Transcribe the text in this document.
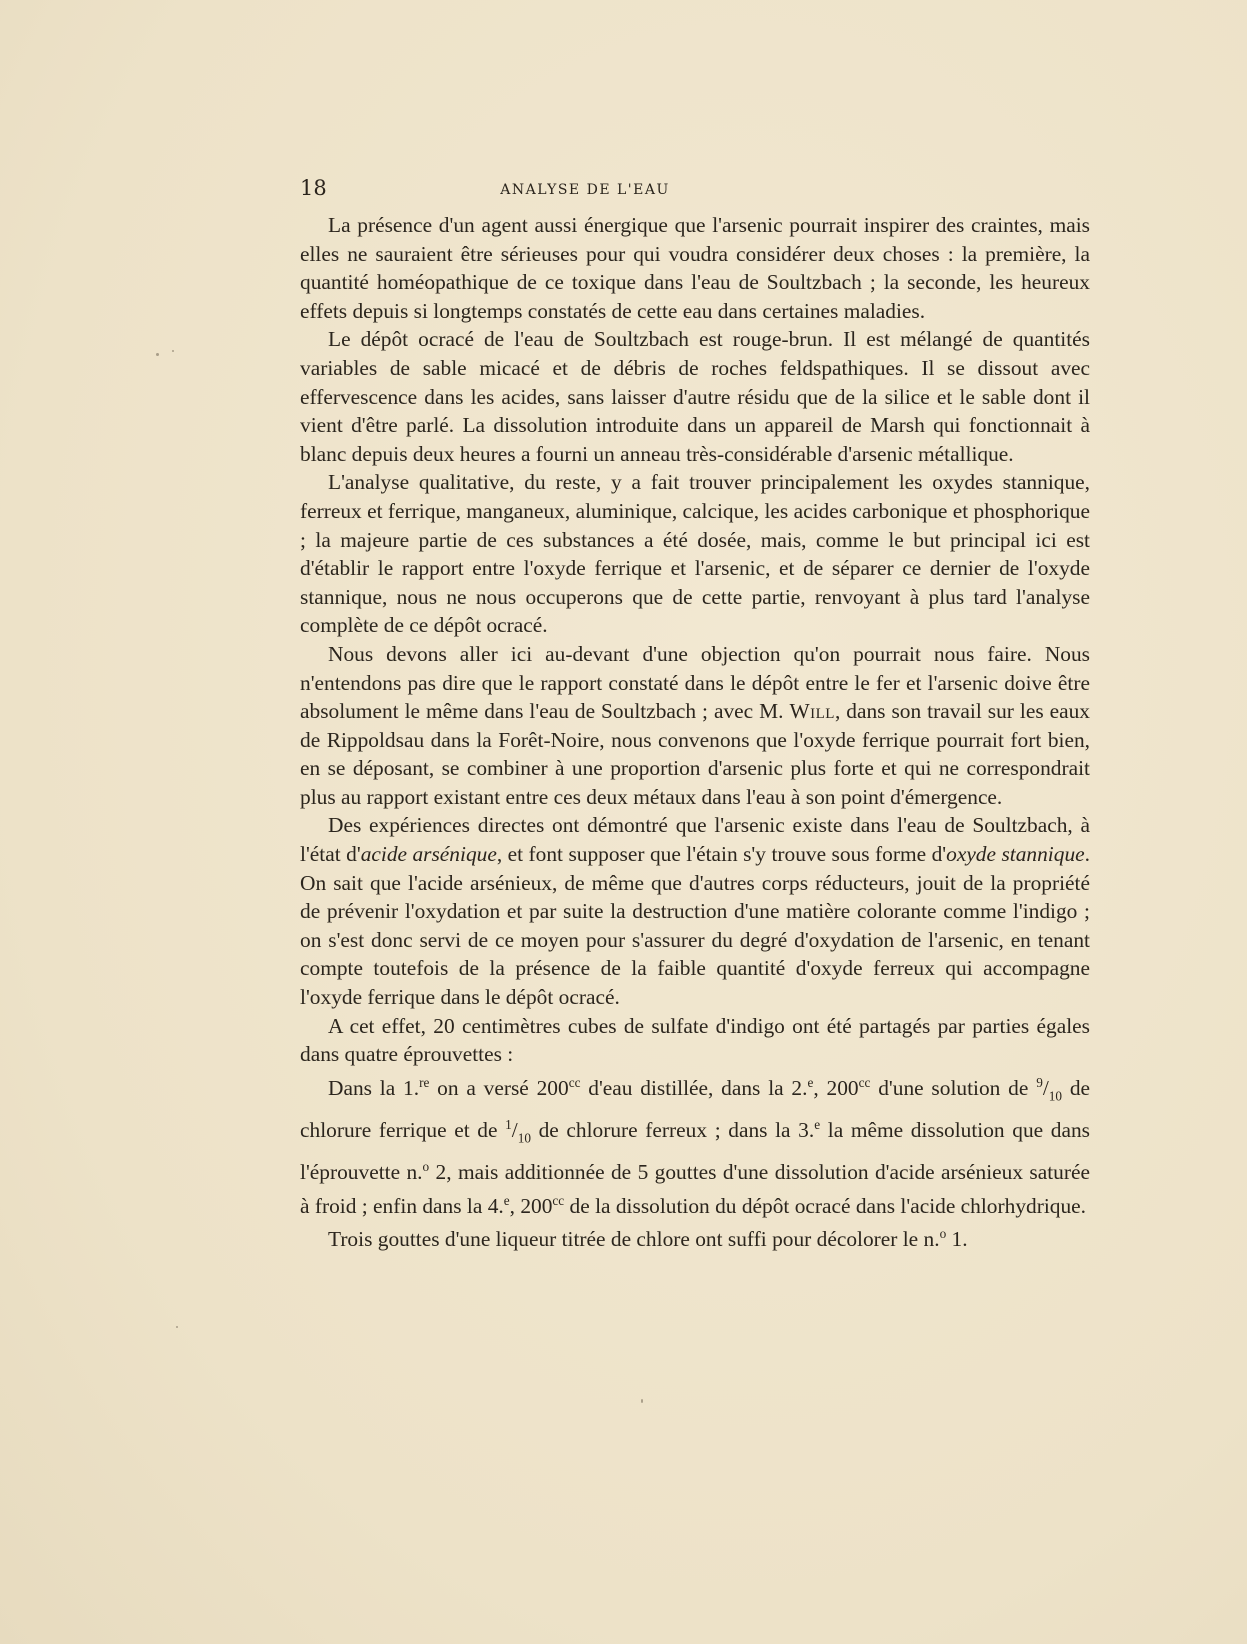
18	ANALYSE DE L'EAU

La présence d'un agent aussi énergique que l'arsenic pourrait inspirer des craintes, mais elles ne sauraient être sérieuses pour qui voudra considérer deux choses : la première, la quantité homéopathique de ce toxique dans l'eau de Soultzbach ; la seconde, les heureux effets depuis si longtemps constatés de cette eau dans certaines maladies.

Le dépôt ocracé de l'eau de Soultzbach est rouge-brun. Il est mélangé de quantités variables de sable micacé et de débris de roches feldspathiques. Il se dissout avec effervescence dans les acides, sans laisser d'autre résidu que de la silice et le sable dont il vient d'être parlé. La dissolution introduite dans un appareil de Marsh qui fonctionnait à blanc depuis deux heures a fourni un anneau très-considérable d'arsenic métallique.

L'analyse qualitative, du reste, y a fait trouver principalement les oxydes stannique, ferreux et ferrique, manganeux, aluminique, calcique, les acides carbonique et phosphorique ; la majeure partie de ces substances a été dosée, mais, comme le but principal ici est d'établir le rapport entre l'oxyde ferrique et l'arsenic, et de séparer ce dernier de l'oxyde stannique, nous ne nous occuperons que de cette partie, renvoyant à plus tard l'analyse complète de ce dépôt ocracé.

Nous devons aller ici au-devant d'une objection qu'on pourrait nous faire. Nous n'entendons pas dire que le rapport constaté dans le dépôt entre le fer et l'arsenic doive être absolument le même dans l'eau de Soultzbach ; avec M. Will, dans son travail sur les eaux de Rippoldsau dans la Forêt-Noire, nous convenons que l'oxyde ferrique pourrait fort bien, en se déposant, se combiner à une proportion d'arsenic plus forte et qui ne correspondrait plus au rapport existant entre ces deux métaux dans l'eau à son point d'émergence.

Des expériences directes ont démontré que l'arsenic existe dans l'eau de Soultzbach, à l'état d'acide arsénique, et font supposer que l'étain s'y trouve sous forme d'oxyde stannique. On sait que l'acide arsénieux, de même que d'autres corps réducteurs, jouit de la propriété de prévenir l'oxydation et par suite la destruction d'une matière colorante comme l'indigo ; on s'est donc servi de ce moyen pour s'assurer du degré d'oxydation de l'arsenic, en tenant compte toutefois de la présence de la faible quantité d'oxyde ferreux qui accompagne l'oxyde ferrique dans le dépôt ocracé.

A cet effet, 20 centimètres cubes de sulfate d'indigo ont été partagés par parties égales dans quatre éprouvettes :

Dans la 1.$^{re}$ on a versé $200^{cc}$ d'eau distillée, dans la 2.$^e$, $200^{cc}$ d'une solution de $^9/_{10}$ de chlorure ferrique et de $^1/_{10}$ de chlorure ferreux ; dans la 3.$^e$ la même dissolution que dans l'éprouvette n.$^o$ 2, mais additionnée de 5 gouttes d'une dissolution d'acide arsénieux saturée à froid ; enfin dans la 4.$^e$, $200^{cc}$ de la dissolution du dépôt ocracé dans l'acide chlorhydrique.

Trois gouttes d'une liqueur titrée de chlore ont suffi pour décolorer le n.$^o$ 1.
